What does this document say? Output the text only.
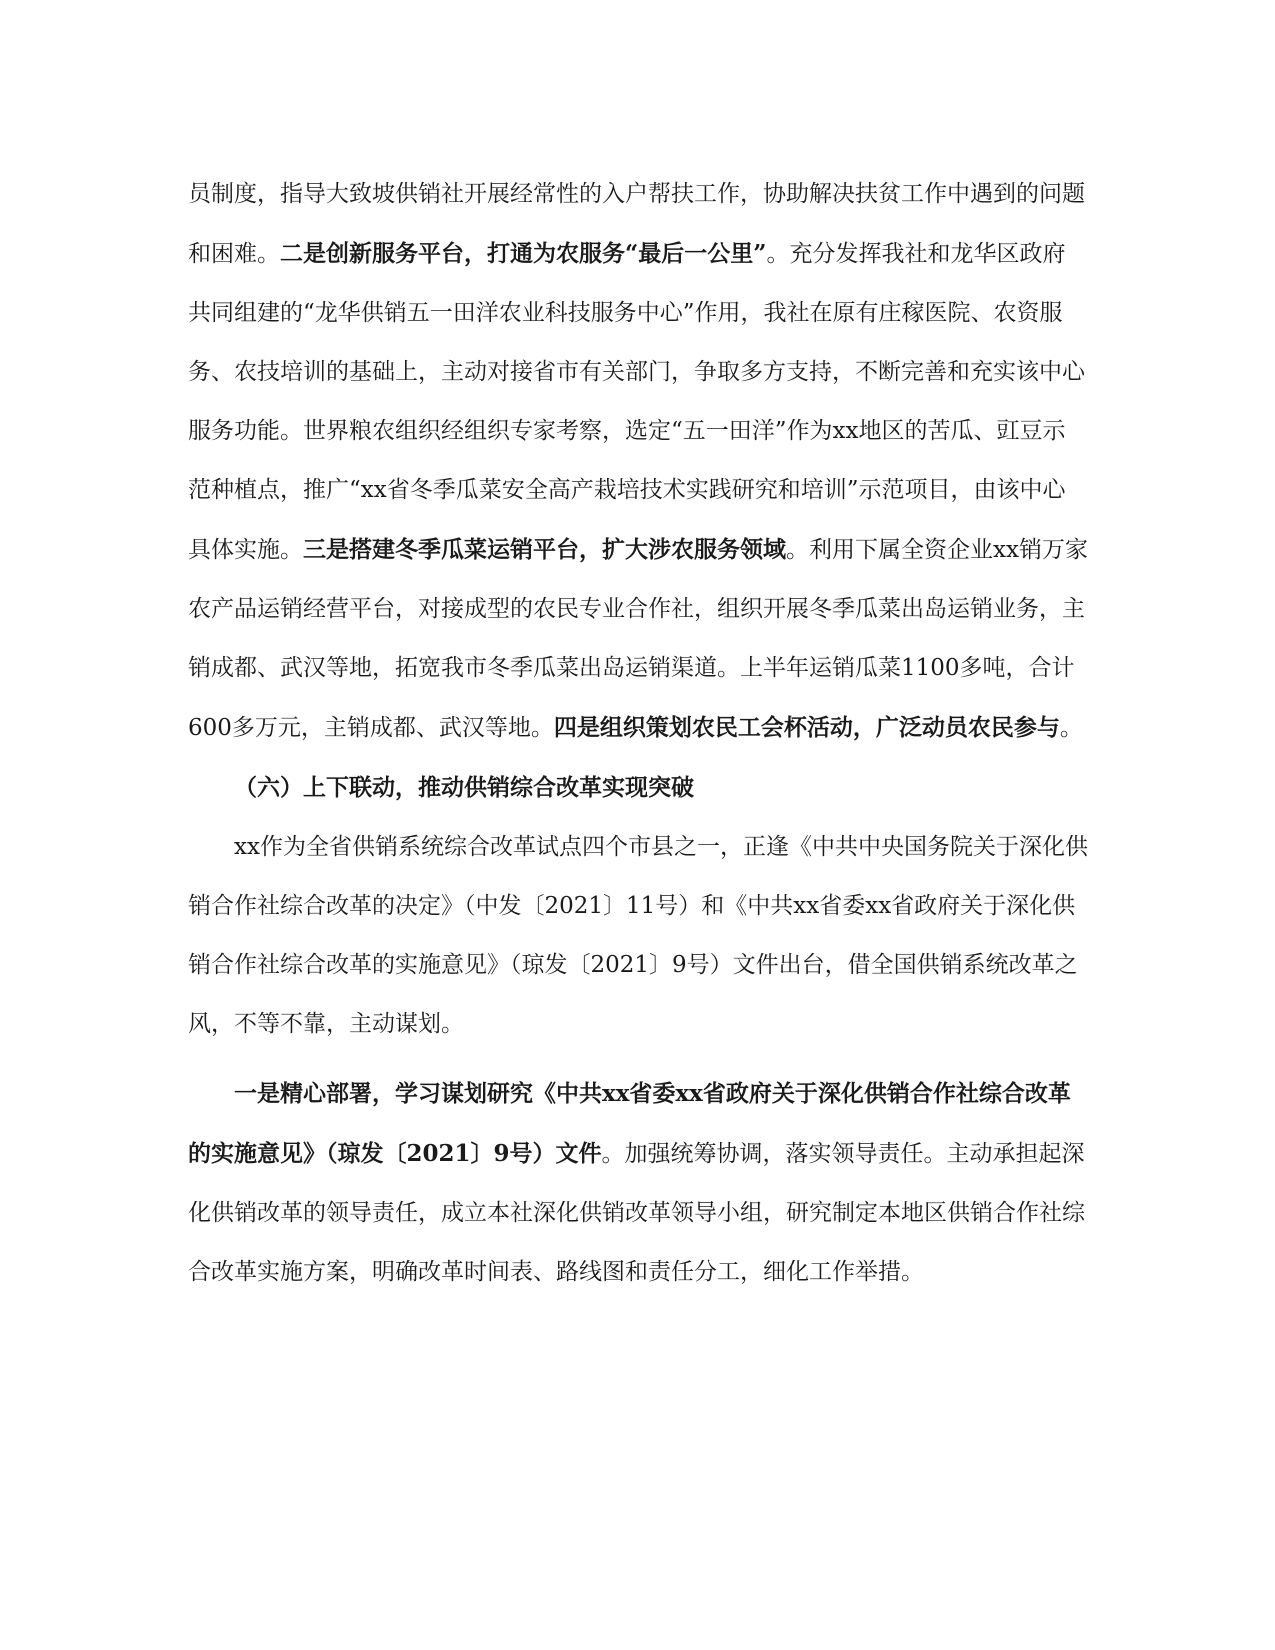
员制度，指导大致坡供销社开展经常性的入户帮扶工作，协助解决扶贫工作中遇到的问题和困难。二是创新服务平台，打通为农服务“最后一公里”。充分发挥我社和龙华区政府共同组建的“龙华供销五一田洋农业科技服务中心”作用，我社在原有庄稼医院、农资服务、农技培训的基础上，主动对接省市有关部门，争取多方支持，不断完善和充实该中心服务功能。世界粮农组织经组织专家考察，选定“五一田洋”作为xx地区的苦瓜、豇豆示范种植点，推广“xx省冬季瓜菜安全高产栽培技术实践研究和培训”示范项目，由该中心具体实施。三是搭建冬季瓜菜运销平台，扩大涉农服务领域。利用下属全资企业xx销万家农产品运销经营平台，对接成型的农民专业合作社，组织开展冬季瓜菜出岛运销业务，主销成都、武汉等地，拓宽我市冬季瓜菜出岛运销渠道。上半年运销瓜菜1100多吨，合计600多万元，主销成都、武汉等地。四是组织策划农民工会杯活动，广泛动员农民参与。

（六）上下联动，推动供销综合改革实现突破

xx作为全省供销系统综合改革试点四个市县之一，正逢《中共中央国务院关于深化供销合作社综合改革的决定》（中发〔2021〕11号）和《中共xx省委xx省政府关于深化供销合作社综合改革的实施意见》（琼发〔2021〕9号）文件出台，借全国供销系统改革之风，不等不靠，主动谋划。

一是精心部署，学习谋划研究《中共xx省委xx省政府关于深化供销合作社综合改革的实施意见》（琼发〔2021〕9号）文件。加强统筹协调，落实领导责任。主动承担起深化供销改革的领导责任，成立本社深化供销改革领导小组，研究制定本地区供销合作社综合改革实施方案，明确改革时间表、路线图和责任分工，细化工作举措。
